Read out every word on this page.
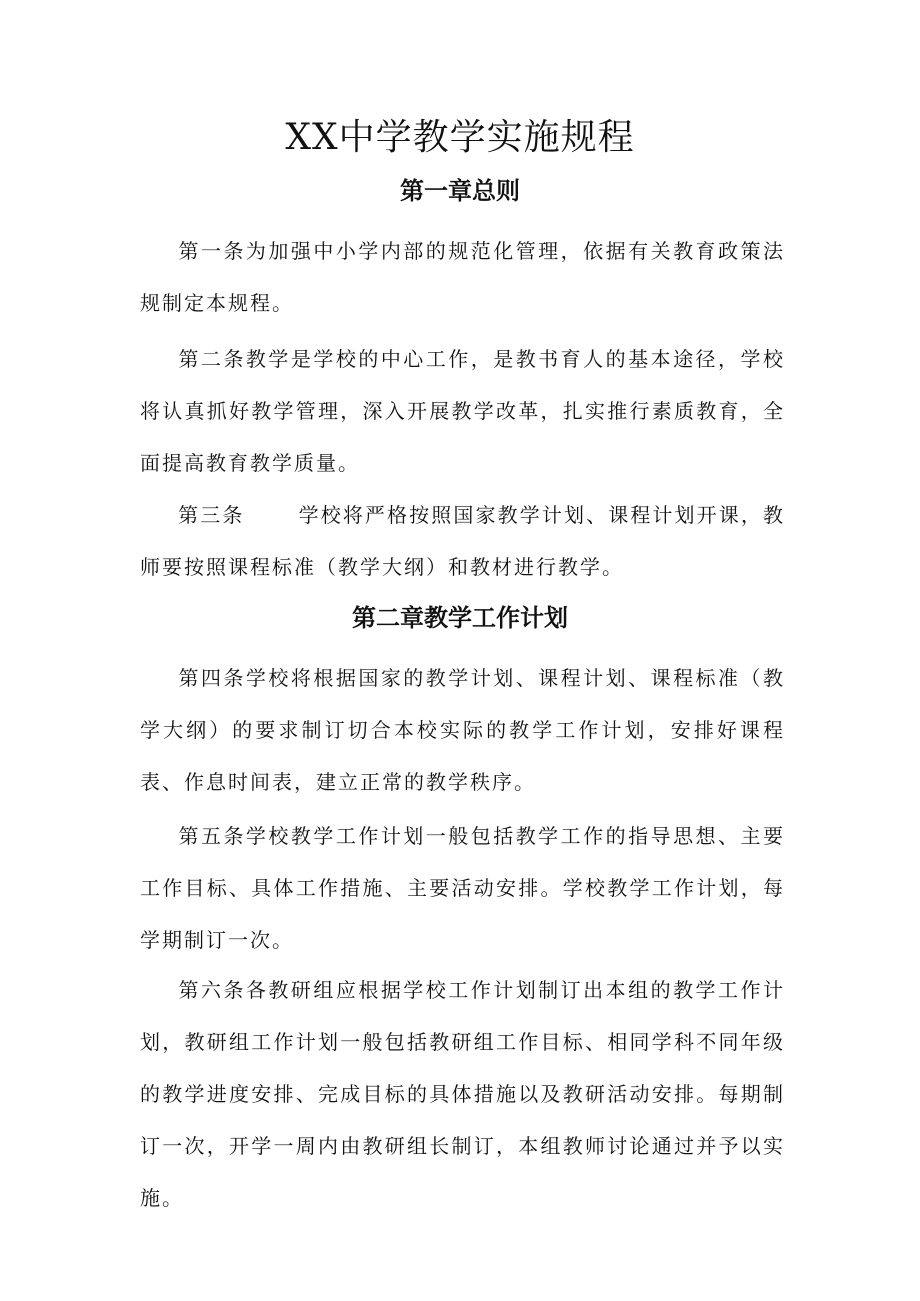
XX中学教学实施规程
第一章总则
第一条为加强中小学内部的规范化管理，依据有关教育政策法规制定本规程。
第二条教学是学校的中心工作，是教书育人的基本途径，学校将认真抓好教学管理，深入开展教学改革，扎实推行素质教育，全面提高教育教学质量。
第三条	学校将严格按照国家教学计划、课程计划开课，教师要按照课程标准（教学大纲）和教材进行教学。
第二章教学工作计划
第四条学校将根据国家的教学计划、课程计划、课程标准（教学大纲）的要求制订切合本校实际的教学工作计划，安排好课程表、作息时间表，建立正常的教学秩序。
第五条学校教学工作计划一般包括教学工作的指导思想、主要工作目标、具体工作措施、主要活动安排。学校教学工作计划，每学期制订一次。
第六条各教研组应根据学校工作计划制订出本组的教学工作计划，教研组工作计划一般包括教研组工作目标、相同学科不同年级的教学进度安排、完成目标的具体措施以及教研活动安排。每期制订一次，开学一周内由教研组长制订，本组教师讨论通过并予以实施。
